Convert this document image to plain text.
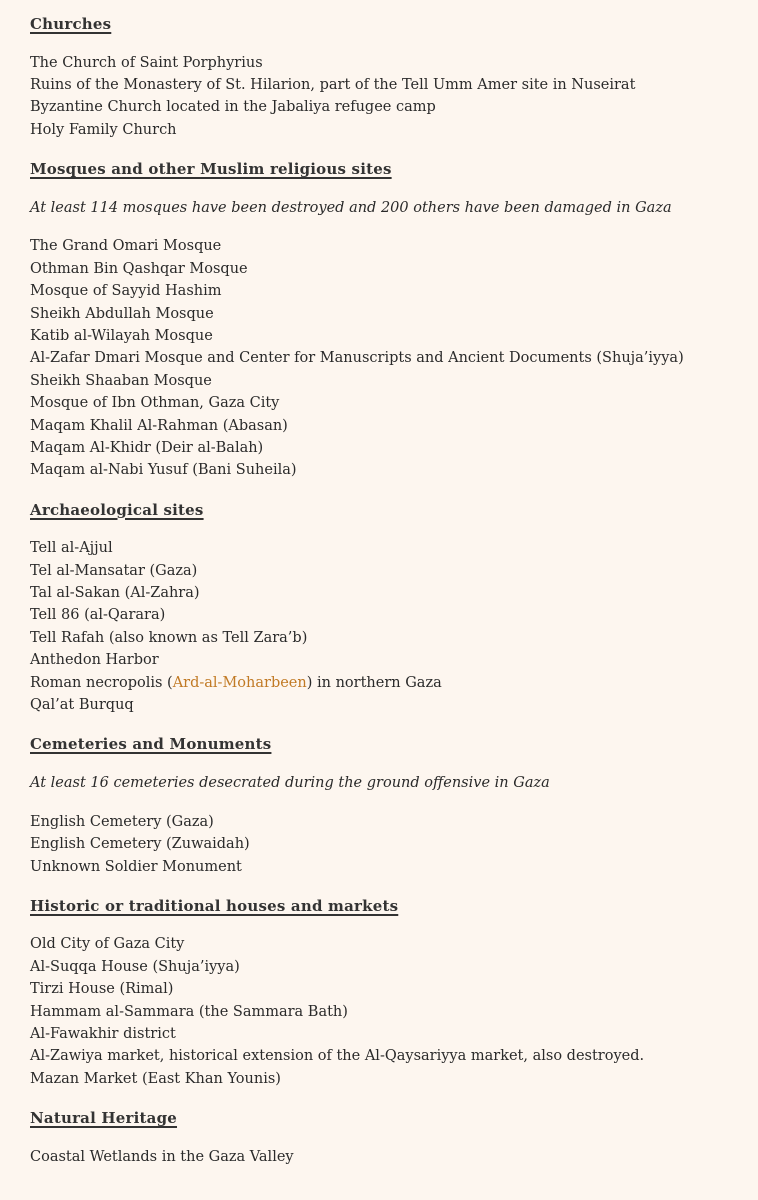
Churches
The Church of Saint Porphyrius
Ruins of the Monastery of St. Hilarion, part of the Tell Umm Amer site in Nuseirat
Byzantine Church located in the Jabaliya refugee camp
Holy Family Church
Mosques and other Muslim religious sites

At least 114 mosques have been destroyed and 200 others have been damaged in Gaza

The Grand Omari Mosque
Othman Bin Qashqar Mosque
Mosque of Sayyid Hashim
Sheikh Abdullah Mosque
Katib al-Wilayah Mosque
Al-Zafar Dmari Mosque and Center for Manuscripts and Ancient Documents (Shuja’iyya)
Sheikh Shaaban Mosque
Mosque of Ibn Othman, Gaza City
Maqam Khalil Al-Rahman (Abasan)
Maqam Al-Khidr (Deir al-Balah)
Maqam al-Nabi Yusuf (Bani Suheila)
Archaeological sites
Tell al-Ajjul
Tel al-Mansatar (Gaza)
Tal al-Sakan (Al-Zahra)
Tell 86 (al-Qarara)
Tell Rafah (also known as Tell Zara’b)
Anthedon Harbor
Roman necropolis (Ard-al-Moharbeen) in northern Gaza
Qal’at Burquq
Cemeteries and Monuments

At least 16 cemeteries desecrated during the ground offensive in Gaza

English Cemetery (Gaza)
English Cemetery (Zuwaidah)
Unknown Soldier Monument
Historic or traditional houses and markets
Old City of Gaza City
Al-Suqqa House (Shuja’iyya)
Tirzi House (Rimal)
Hammam al-Sammara (the Sammara Bath)
Al-Fawakhir district
Al-Zawiya market, historical extension of the Al-Qaysariyya market, also destroyed.
Mazan Market (East Khan Younis)
Natural Heritage
Coastal Wetlands in the Gaza Valley
